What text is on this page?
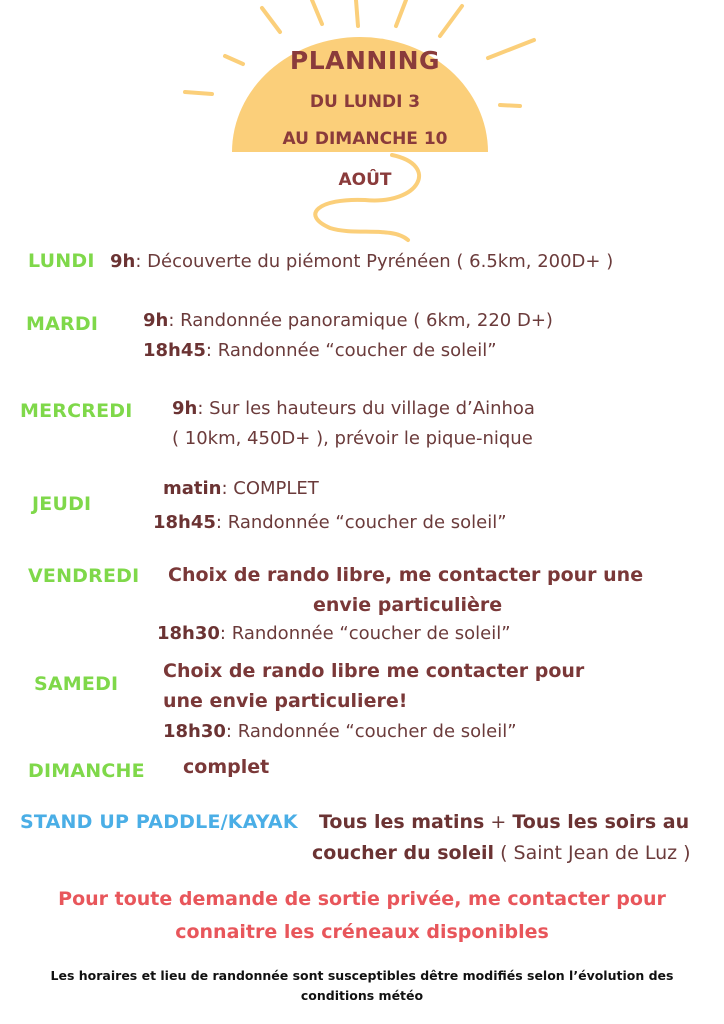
PLANNING
DU LUNDI 3
AU DIMANCHE 10
AOÛT
LUNDI 9h: Découverte du piémont Pyrénéen ( 6.5km, 200D+ )
MARDI 9h: Randonnée panoramique ( 6km, 220 D+)
18h45: Randonnée “coucher de soleil”
MERCREDI 9h: Sur les hauteurs du village d’Ainhoa
( 10km, 450D+ ), prévoir le pique-nique
JEUDI
matin: COMPLET
18h45: Randonnée “coucher de soleil”
VENDREDI Choix de rando libre, me contacter pour une
envie particulière
18h30: Randonnée “coucher de soleil”
SAMEDI
Choix de rando libre me contacter pour
une envie particuliere!
18h30: Randonnée “coucher de soleil”
DIMANCHE complet
STAND UP PADDLE/KAYAK Tous les matins + Tous les soirs au
coucher du soleil ( Saint Jean de Luz )
Pour toute demande de sortie privée, me contacter pour
connaitre les créneaux disponibles
Les horaires et lieu de randonnée sont susceptibles dêtre modifiés selon l’évolution des
conditions météo
